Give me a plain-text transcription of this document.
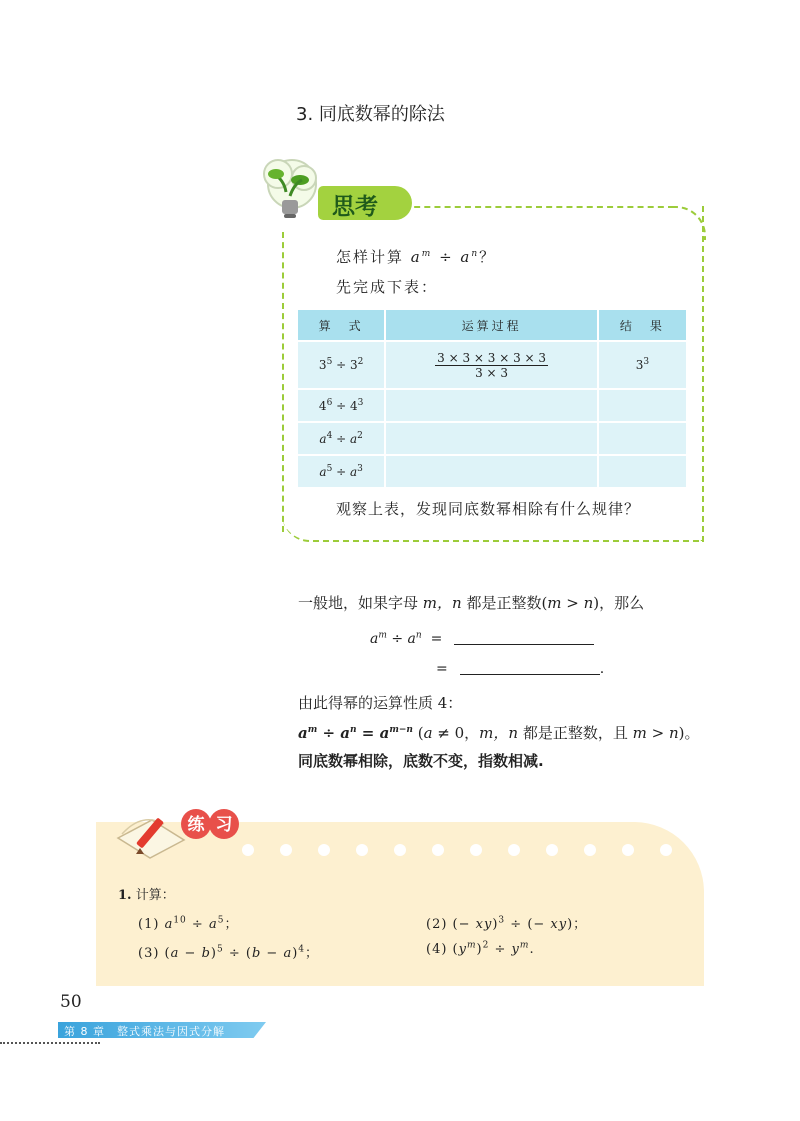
3. 同底数幂的除法
思考
怎样计算 $a^m \div a^n$？
先完成下表：
算　式	运算过程	结　果
$3^5 \div 3^2$	$\frac{3 \times 3 \times 3 \times 3 \times 3}{3 \times 3}$	$3^3$
$4^6 \div 4^3$		
$a^4 \div a^2$		
$a^5 \div a^3$		
观察上表，发现同底数幂相除有什么规律？
一般地，如果字母 m，n 都是正整数(m > n)，那么
$a^m \div a^n$  =
=	.
由此得幂的运算性质 4：
$a^m \div a^n = a^{m-n}$ (a ≠ 0，m，n 都是正整数，且 m > n)。
同底数幂相除，底数不变，指数相减.
练 习
1. 计算：
(1) $a^{10} \div a^5$；	(2) (− xy)$^3$ ÷ (− xy)；
(3) $(a - b)^5 \div (b - a)^4$；	(4) $(y^m)^2 \div y^m$.
50
第 8 章　整式乘法与因式分解
